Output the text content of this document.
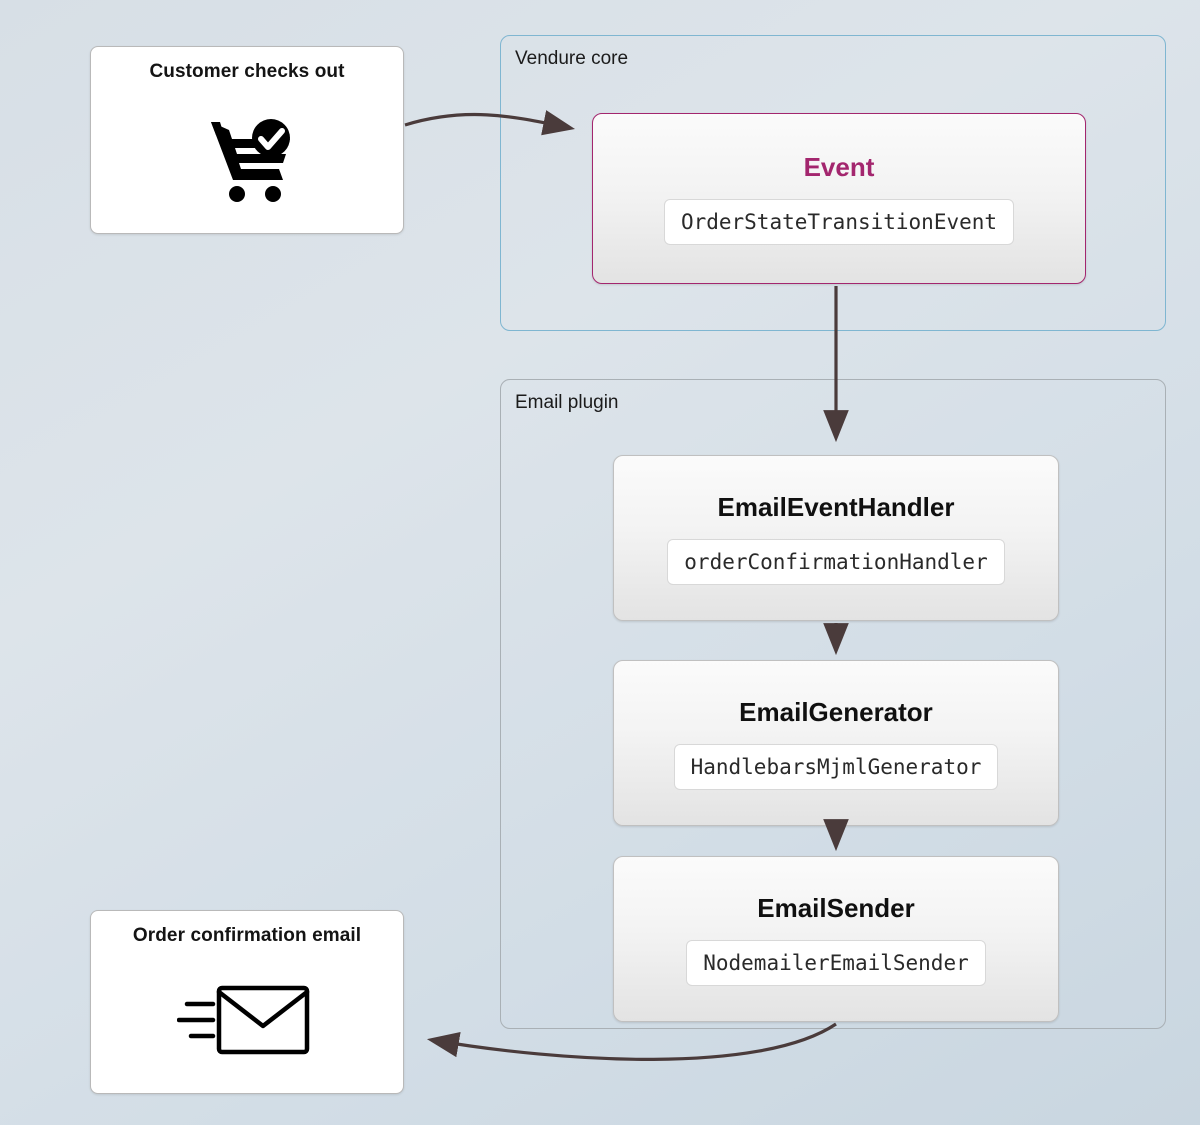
Vendure core
Email plugin
Customer checks out
Order confirmation email
Event
OrderStateTransitionEvent
EmailEventHandler
orderConfirmationHandler
EmailGenerator
HandlebarsMjmlGenerator
EmailSender
NodemailerEmailSender
